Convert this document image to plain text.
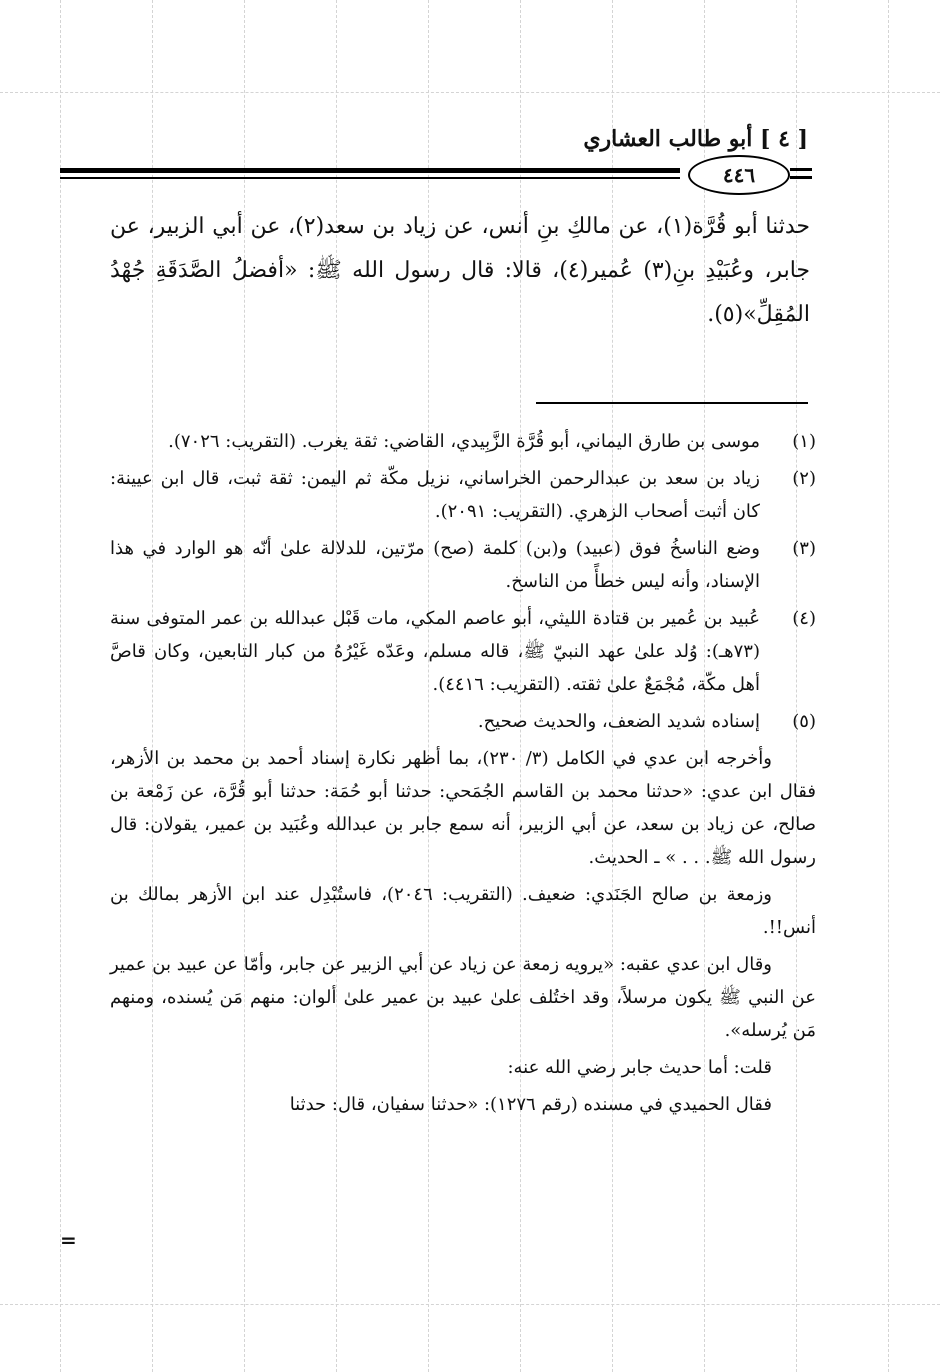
[ ٤ ] أبو طالب العشاري
٤٤٦
حدثنا أبو قُرَّة(١)، عن مالكِ بنِ أنس، عن زياد بن سعد(٢)، عن أبي الزبير، عن جابر، وعُبَيْدِ بنِ(٣) عُمير(٤)، قالا: قال رسول الله ﷺ: «أفضلُ الصَّدَقَةِ جُهْدُ المُقِلِّ»(٥).
(١)
موسى بن طارق اليماني، أبو قُرَّة الزَّبِيدي، القاضي: ثقة يغرب. (التقريب: ٧٠٢٦).
(٢)
زياد بن سعد بن عبدالرحمن الخراساني، نزيل مكّة ثم اليمن: ثقة ثبت، قال ابن عيينة: كان أثبت أصحاب الزهري. (التقريب: ٢٠٩١).
(٣)
وضع الناسخُ فوق (عبيد) و(بن) كلمة (صح) مرّتين، للدلالة علىٰ أنّه هو الوارد في هذا الإسناد، وأنه ليس خطأً من الناسخ.
(٤)
عُبيد بن عُمير بن قتادة الليثي، أبو عاصم المكي، مات قَبْل عبدالله بن عمر المتوفى سنة (٧٣هـ): وُلد علىٰ عهد النبيّ ﷺ، قاله مسلم، وعَدّه غَيْرُهُ من كبار التابعين، وكان قاصَّ أهل مكّة، مُجْمَعٌ علىٰ ثقته. (التقريب: ٤٤١٦).
(٥)
إسناده شديد الضعف، والحديث صحيح.
وأخرجه ابن عدي في الكامل (٣/ ٢٣٠)، بما أظهر نكارة إسناد أحمد بن محمد بن الأزهر، فقال ابن عدي: «حدثنا محمد بن القاسم الجُمَحي: حدثنا أبو حُمَة: حدثنا أبو قُرَّة، عن زَمْعة بن صالح، عن زياد بن سعد، عن أبي الزبير، أنه سمع جابر بن عبدالله وعُبَيد بن عمير، يقولان: قال رسول الله ﷺ. . . » ـ الحديث.
وزمعة بن صالح الجَنَدي: ضعيف. (التقريب: ٢٠٤٦)، فاستُبْدِل عند ابن الأزهر بمالك بن أنس!!.
وقال ابن عدي عقبه: «يرويه زمعة عن زياد عن أبي الزبير عن جابر، وأمّا عن عبيد بن عمير عن النبي ﷺ يكون مرسلاً، وقد اختُلف علىٰ عبيد بن عمير علىٰ ألوان: منهم مَن يُسنده، ومنهم مَن يُرسله».
قلت: أما حديث جابر رضي الله عنه:
فقال الحميدي في مسنده (رقم ١٢٧٦): «حدثنا سفيان، قال: حدثنا
=
